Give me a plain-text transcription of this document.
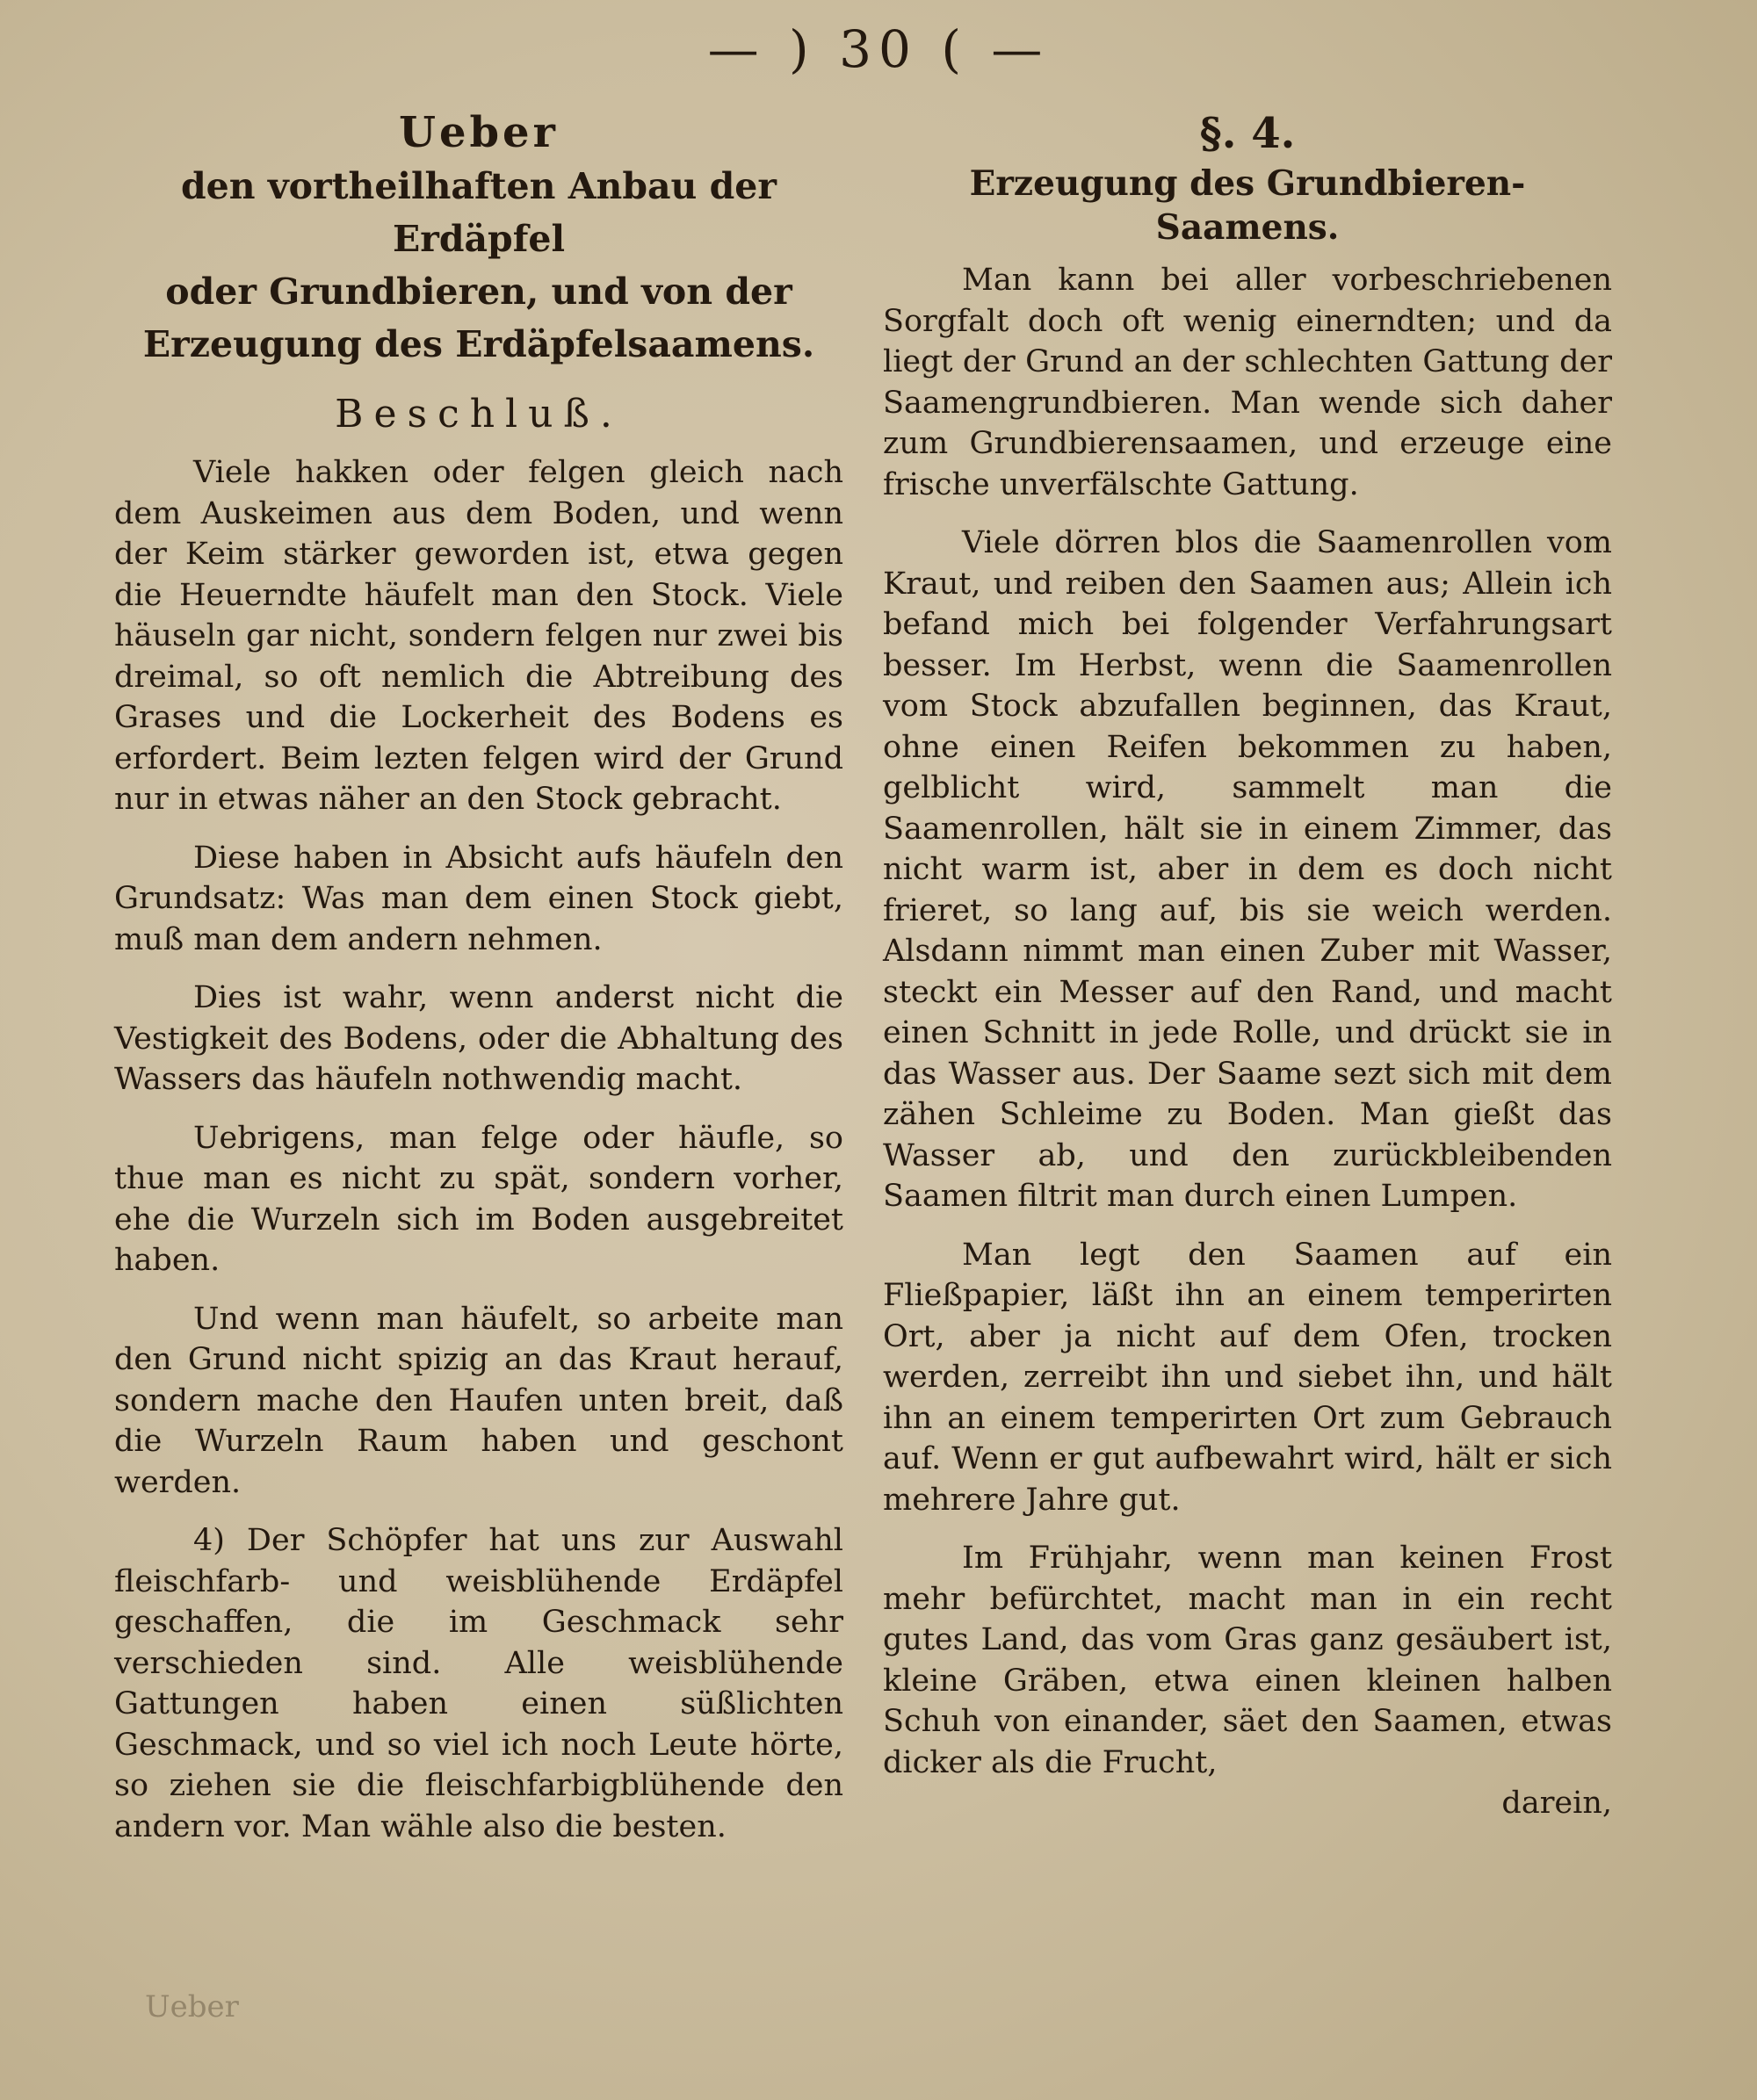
— ) 30 ( —
Ueber
den vortheilhaften Anbau der Erdäpfel
oder Grundbieren, und von der
Erzeugung des Erdäpfelsaamens.
Beschluß.

Viele hakken oder felgen gleich nach dem Auskeimen aus dem Boden, und wenn der Keim stärker geworden ist, etwa gegen die Heuerndte häufelt man den Stock. Viele häuseln gar nicht, sondern felgen nur zwei bis dreimal, so oft nemlich die Abtreibung des Grases und die Lockerheit des Bodens es erfordert. Beim lezten felgen wird der Grund nur in etwas näher an den Stock gebracht.

Diese haben in Absicht aufs häufeln den Grundsatz: Was man dem einen Stock giebt, muß man dem andern nehmen.

Dies ist wahr, wenn anderst nicht die Vestigkeit des Bodens, oder die Abhaltung des Wassers das häufeln nothwendig macht.

Uebrigens, man felge oder häufle, so thue man es nicht zu spät, sondern vorher, ehe die Wurzeln sich im Boden ausgebreitet haben.

Und wenn man häufelt, so arbeite man den Grund nicht spizig an das Kraut herauf, sondern mache den Haufen unten breit, daß die Wurzeln Raum haben und geschont werden.

4) Der Schöpfer hat uns zur Auswahl fleischfarb- und weisblühende Erdäpfel geschaffen, die im Geschmack sehr verschieden sind. Alle weisblühende Gattungen haben einen süßlichten Geschmack, und so viel ich noch Leute hörte, so ziehen sie die fleischfarbigblühende den andern vor. Man wähle also die besten.

Ueber
§. 4.
Erzeugung des Grundbieren-Saamens.

Man kann bei aller vorbeschriebenen Sorgfalt doch oft wenig einerndten; und da liegt der Grund an der schlechten Gattung der Saamengrundbieren. Man wende sich daher zum Grundbierensaamen, und erzeuge eine frische unverfälschte Gattung.

Viele dörren blos die Saamenrollen vom Kraut, und reiben den Saamen aus; Allein ich befand mich bei folgender Verfahrungsart besser. Im Herbst, wenn die Saamenrollen vom Stock abzufallen beginnen, das Kraut, ohne einen Reifen bekommen zu haben, gelblicht wird, sammelt man die Saamenrollen, hält sie in einem Zimmer, das nicht warm ist, aber in dem es doch nicht frieret, so lang auf, bis sie weich werden. Alsdann nimmt man einen Zuber mit Wasser, steckt ein Messer auf den Rand, und macht einen Schnitt in jede Rolle, und drückt sie in das Wasser aus. Der Saame sezt sich mit dem zähen Schleime zu Boden. Man gießt das Wasser ab, und den zurückbleibenden Saamen filtrit man durch einen Lumpen.

Man legt den Saamen auf ein Fließpapier, läßt ihn an einem temperirten Ort, aber ja nicht auf dem Ofen, trocken werden, zerreibt ihn und siebet ihn, und hält ihn an einem temperirten Ort zum Gebrauch auf. Wenn er gut aufbewahrt wird, hält er sich mehrere Jahre gut.

Im Frühjahr, wenn man keinen Frost mehr befürchtet, macht man in ein recht gutes Land, das vom Gras ganz gesäubert ist, kleine Gräben, etwa einen kleinen halben Schuh von einander, säet den Saamen, etwas dicker als die Frucht,

darein,
